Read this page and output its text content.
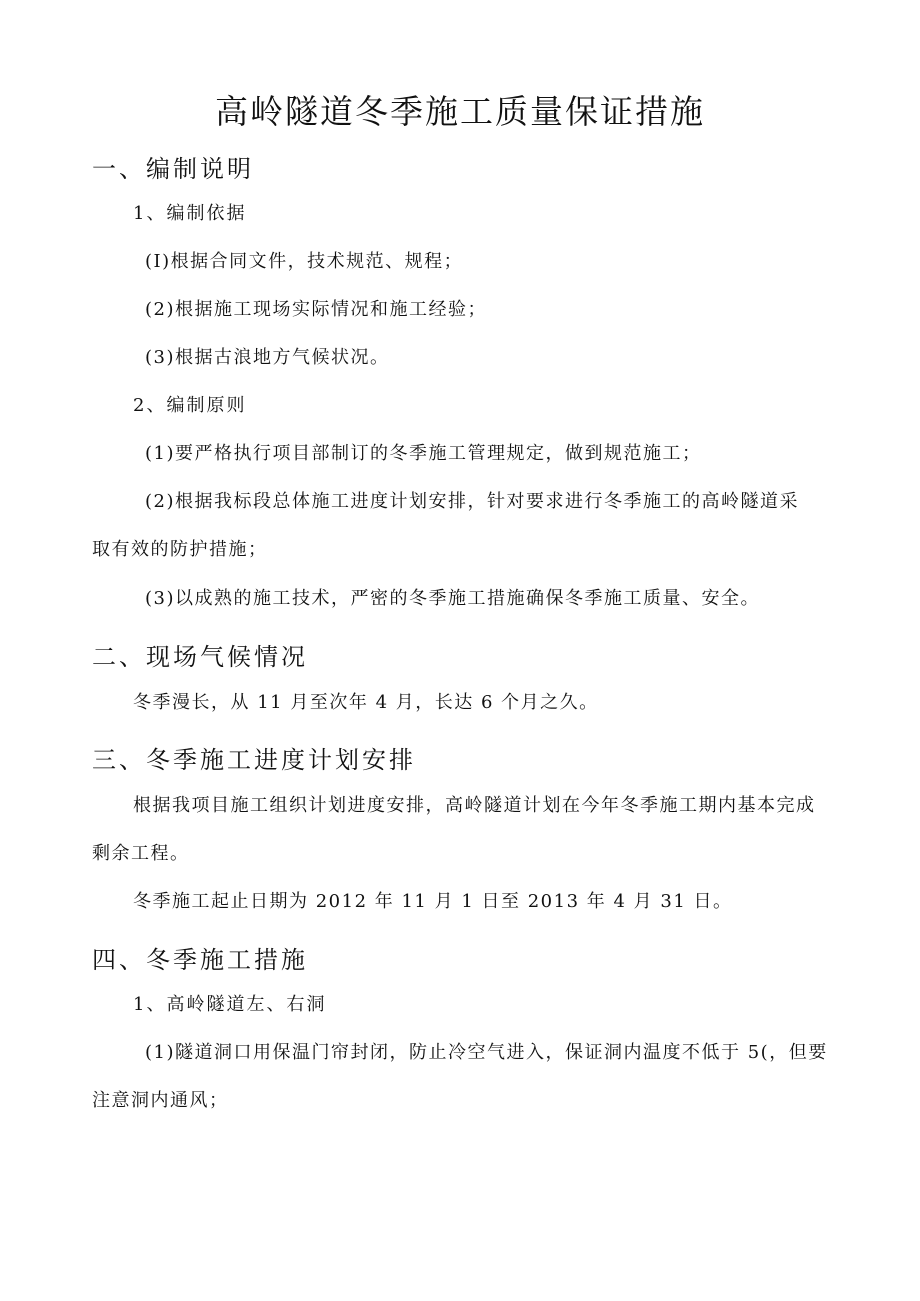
高岭隧道冬季施工质量保证措施
一、编制说明
1、编制依据
(I)根据合同文件，技术规范、规程；
(2)根据施工现场实际情况和施工经验；
(3)根据古浪地方气候状况。
2、编制原则
(1)要严格执行项目部制订的冬季施工管理规定，做到规范施工；
(2)根据我标段总体施工进度计划安排，针对要求进行冬季施工的高岭隧道采
取有效的防护措施；
(3)以成熟的施工技术，严密的冬季施工措施确保冬季施工质量、安全。
二、现场气候情况
冬季漫长，从 11 月至次年 4 月，长达 6 个月之久。
三、冬季施工进度计划安排
根据我项目施工组织计划进度安排，高岭隧道计划在今年冬季施工期内基本完成
剩余工程。
冬季施工起止日期为 2012 年 11 月 1 日至 2013 年 4 月 31 日。
四、冬季施工措施
1、高岭隧道左、右洞
(1)隧道洞口用保温门帘封闭，防止冷空气进入，保证洞内温度不低于 5(，但要
注意洞内通风；
